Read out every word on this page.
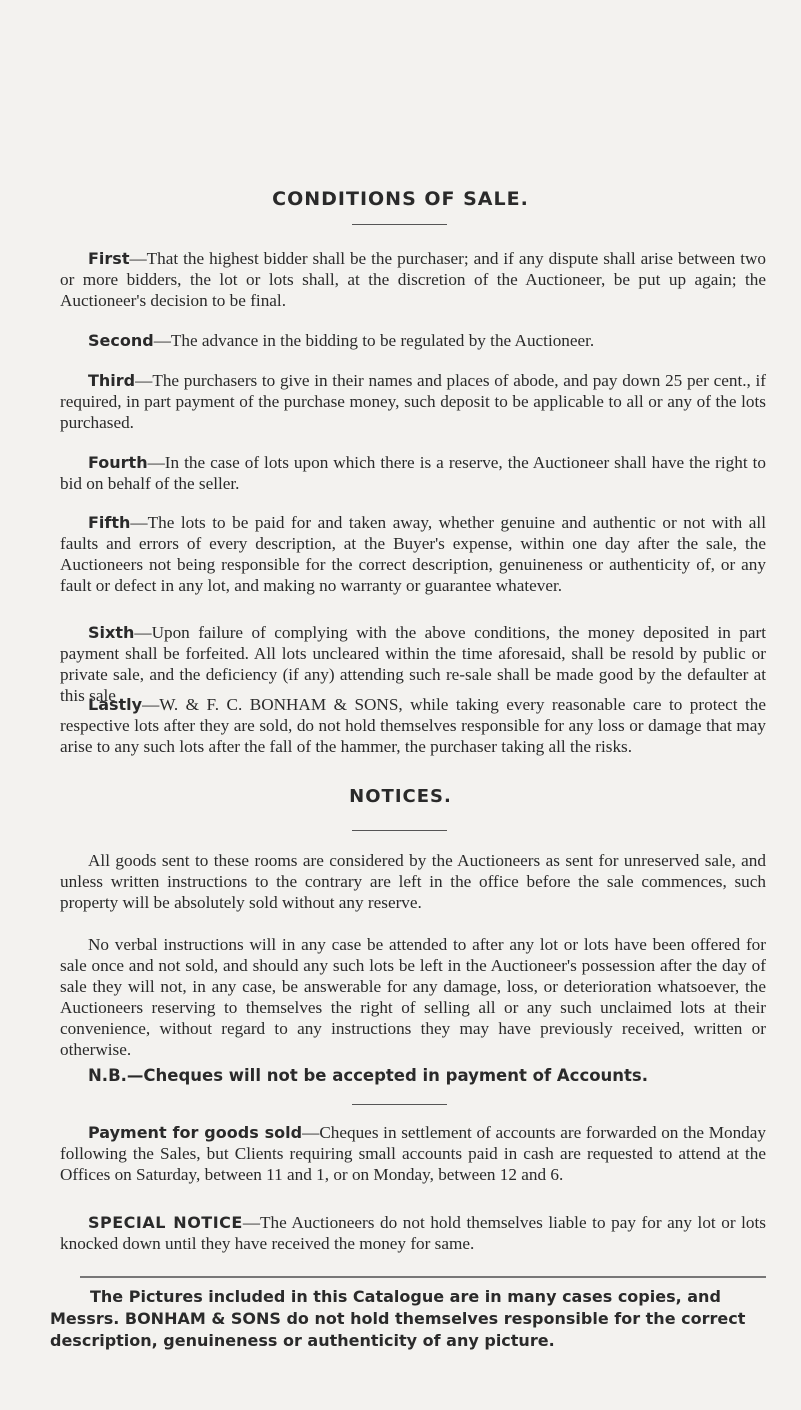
CONDITIONS OF SALE.

First—That the highest bidder shall be the purchaser; and if any dispute shall arise between two or more bidders, the lot or lots shall, at the discretion of the Auctioneer, be put up again; the Auctioneer's decision to be final.

Second—The advance in the bidding to be regulated by the Auctioneer.

Third—The purchasers to give in their names and places of abode, and pay down 25 per cent., if required, in part payment of the purchase money, such deposit to be applicable to all or any of the lots purchased.

Fourth—In the case of lots upon which there is a reserve, the Auctioneer shall have the right to bid on behalf of the seller.

Fifth—The lots to be paid for and taken away, whether genuine and authentic or not with all faults and errors of every description, at the Buyer's expense, within one day after the sale, the Auctioneers not being responsible for the correct description, genuineness or authenticity of, or any fault or defect in any lot, and making no warranty or guarantee whatever.

Sixth—Upon failure of complying with the above conditions, the money deposited in part payment shall be forfeited. All lots uncleared within the time aforesaid, shall be resold by public or private sale, and the deficiency (if any) attending such re-sale shall be made good by the defaulter at this sale

Lastly—W. & F. C. BONHAM & SONS, while taking every reasonable care to protect the respective lots after they are sold, do not hold themselves responsible for any loss or damage that may arise to any such lots after the fall of the hammer, the purchaser taking all the risks.

NOTICES.

All goods sent to these rooms are considered by the Auctioneers as sent for unreserved sale, and unless written instructions to the contrary are left in the office before the sale commences, such property will be absolutely sold without any reserve.

No verbal instructions will in any case be attended to after any lot or lots have been offered for sale once and not sold, and should any such lots be left in the Auctioneer's possession after the day of sale they will not, in any case, be answerable for any damage, loss, or deterioration whatsoever, the Auctioneers reserving to themselves the right of selling all or any such unclaimed lots at their convenience, without regard to any instructions they may have previously received, written or otherwise.

N.B.—Cheques will not be accepted in payment of Accounts.

Payment for goods sold—Cheques in settlement of accounts are forwarded on the Monday following the Sales, but Clients requiring small accounts paid in cash are requested to attend at the Offices on Saturday, between 11 and 1, or on Monday, between 12 and 6.

SPECIAL NOTICE—The Auctioneers do not hold themselves liable to pay for any lot or lots knocked down until they have received the money for same.

The Pictures included in this Catalogue are in many cases copies, and Messrs. BONHAM & SONS do not hold themselves responsible for the correct description, genuineness or authenticity of any picture.
